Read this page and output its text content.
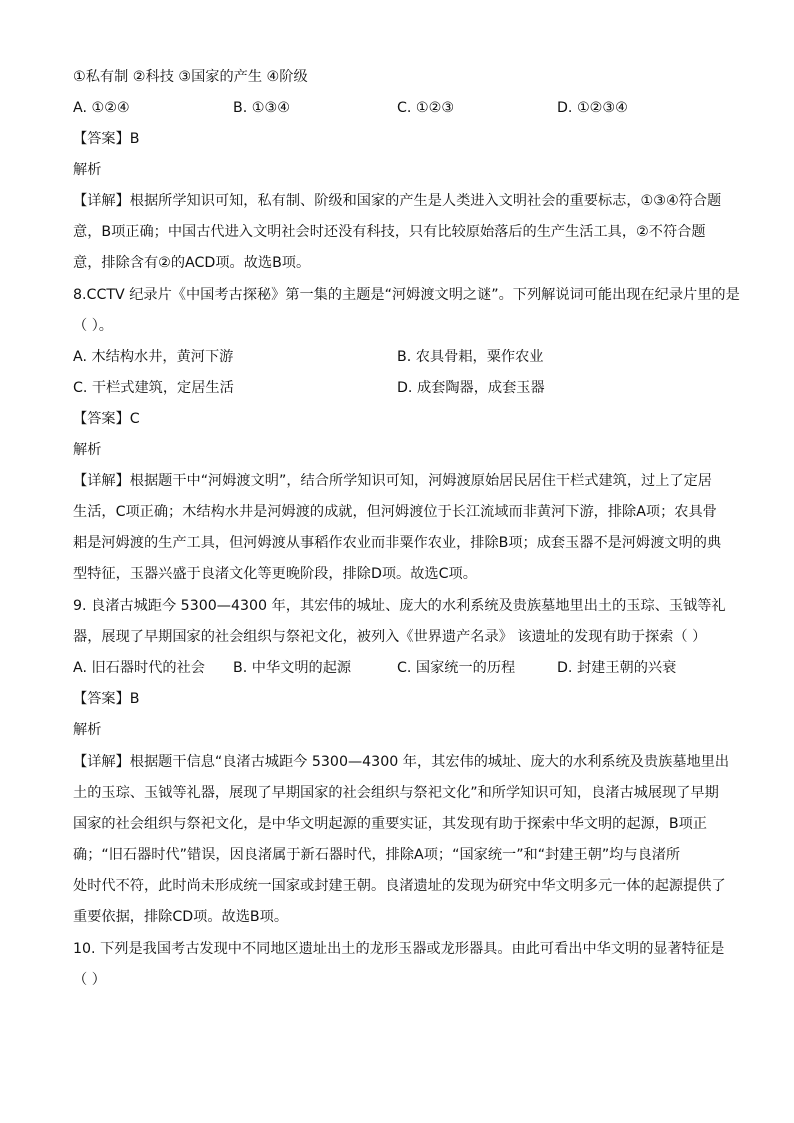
①私有制 ②科技 ③国家的产生 ④阶级
A. ①②④	B. ①③④	C. ①②③	D. ①②③④
【答案】B
解析
【详解】根据所学知识可知，私有制、阶级和国家的产生是人类进入文明社会的重要标志，①③④符合题
意，B项正确；中国古代进入文明社会时还没有科技，只有比较原始落后的生产生活工具，②不符合题
意，排除含有②的ACD项。故选B项。
8.CCTV 纪录片《中国考古探秘》第一集的主题是“河姆渡文明之谜”。下列解说词可能出现在纪录片里的是
（ ）。
A. 木结构水井，黄河下游	B. 农具骨耜，粟作农业
C. 干栏式建筑，定居生活	D. 成套陶器，成套玉器
【答案】C
解析
【详解】根据题干中“河姆渡文明”，结合所学知识可知，河姆渡原始居民居住干栏式建筑，过上了定居
生活，C项正确；木结构水井是河姆渡的成就，但河姆渡位于长江流域而非黄河下游，排除A项；农具骨
耜是河姆渡的生产工具，但河姆渡从事稻作农业而非粟作农业，排除B项；成套玉器不是河姆渡文明的典
型特征，玉器兴盛于良渚文化等更晚阶段，排除D项。故选C项。
9. 良渚古城距今 5300—4300 年，其宏伟的城址、庞大的水利系统及贵族墓地里出土的玉琮、玉钺等礼
器，展现了早期国家的社会组织与祭祀文化，被列入《世界遗产名录》 该遗址的发现有助于探索（ ）
A. 旧石器时代的社会 B. 中华文明的起源	C. 国家统一的历程	D. 封建王朝的兴衰
【答案】B
解析
【详解】根据题干信息“良渚古城距今 5300—4300 年，其宏伟的城址、庞大的水利系统及贵族墓地里出
土的玉琮、玉钺等礼器，展现了早期国家的社会组织与祭祀文化”和所学知识可知，良渚古城展现了早期
国家的社会组织与祭祀文化，是中华文明起源的重要实证，其发现有助于探索中华文明的起源，B项正
确；“旧石器时代”错误，因良渚属于新石器时代，排除A项；“国家统一”和“封建王朝”均与良渚所
处时代不符，此时尚未形成统一国家或封建王朝。良渚遗址的发现为研究中华文明多元一体的起源提供了
重要依据，排除CD项。故选B项。
10. 下列是我国考古发现中不同地区遗址出土的龙形玉器或龙形器具。由此可看出中华文明的显著特征是
（ ）
